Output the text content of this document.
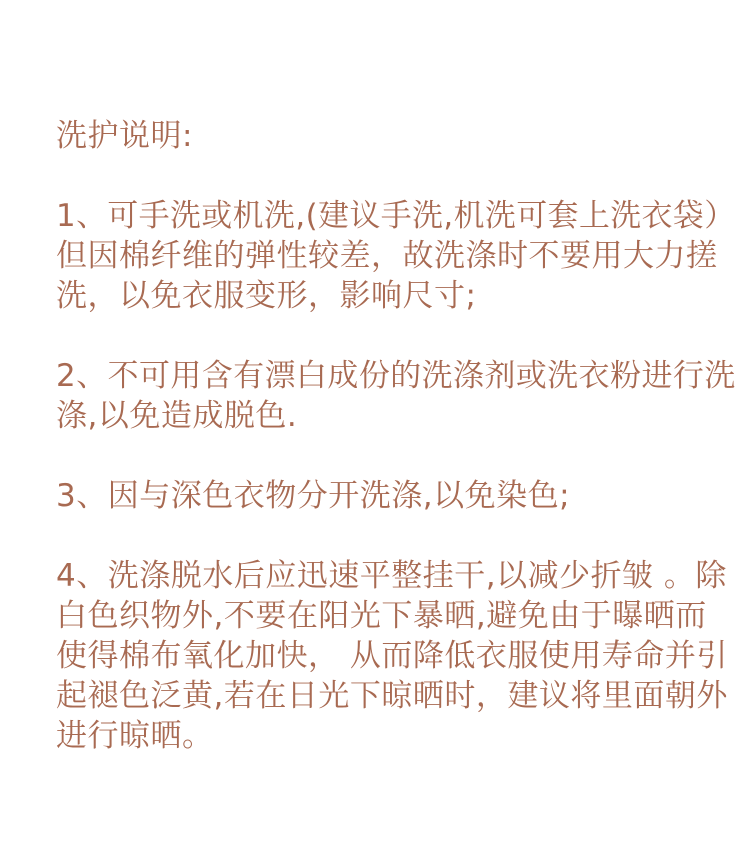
洗护说明:
1、可手洗或机洗,(建议手洗,机洗可套上洗衣袋）
但因棉纤维的弹性较差，故洗涤时不要用大力搓
洗，以免衣服变形，影响尺寸;
2、不可用含有漂白成份的洗涤剂或洗衣粉进行洗
涤,以免造成脱色.
3、因与深色衣物分开洗涤,以免染色;
4、洗涤脱水后应迅速平整挂干,以减少折皱 。除
白色织物外,不要在阳光下暴晒,避免由于曝晒而
使得棉布氧化加快， 从而降低衣服使用寿命并引
起褪色泛黄,若在日光下晾晒时，建议将里面朝外
进行晾晒。
